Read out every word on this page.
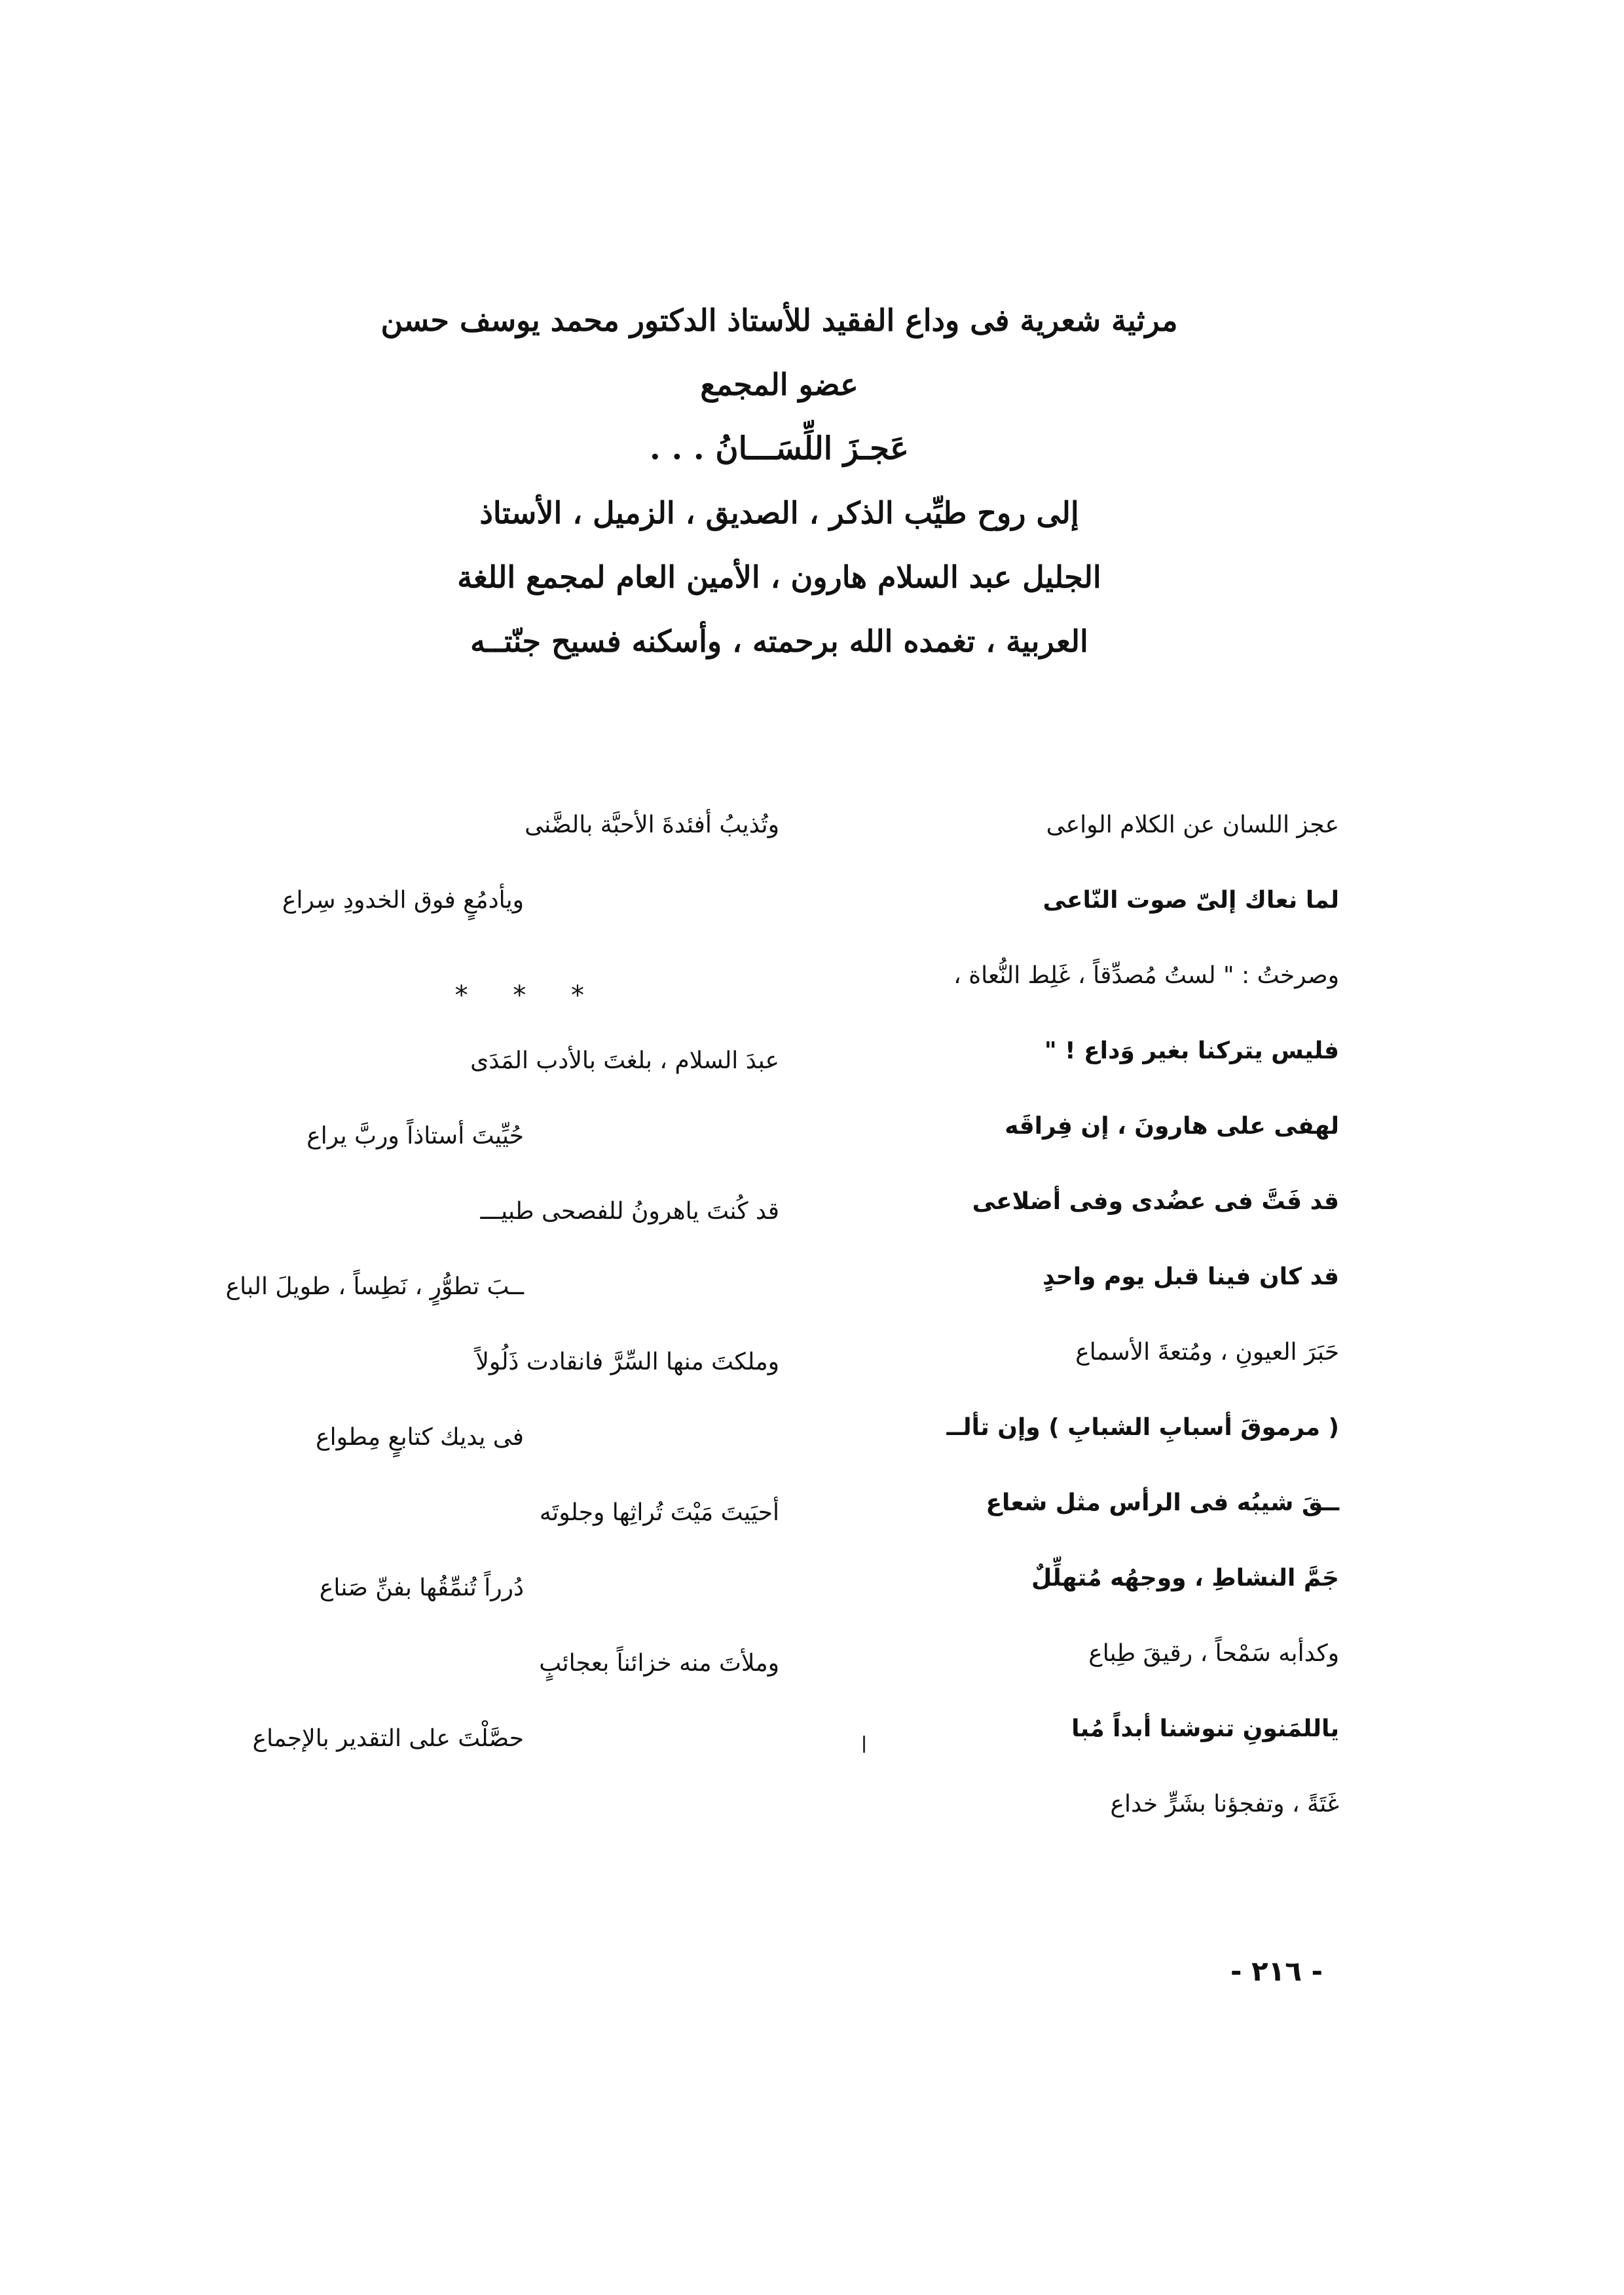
مرثية شعرية فى وداع الفقيد للأستاذ الدكتور محمد يوسف حسن
عضو المجمع
عَجـزَ اللِّسَـــانُ . . .
إلى روح طيِّب الذكر ، الصديق ، الزميل ، الأستاذ
الجليل عبد السلام هارون ، الأمين العام لمجمع اللغة
العربية ، تغمده الله برحمته ، وأسكنه فسيح جنّتــه
عجز اللسان عن الكلام الواعى
لما نعاك إلىّ صوت النّاعى
وصرختُ : " لستُ مُصدِّقاً ، غَلِط النُّعاة ،
فليس يتركنا بغير وَداع ! "
لهفى على هارونَ ، إن فِراقَه
قد فَتَّ فى عضُدى وفى أضلاعى
قد كان فينا قبل يوم واحدٍ
حَبَرَ العيونِ ، ومُتعةَ الأسماع
( مرموقَ أسبابِ الشبابِ ) وإن تألــ
ــقَ شيبُه فى الرأس مثل شعاع
جَمَّ النشاطِ ، ووجهُه مُتهلِّلٌ
وكدأبه سَمْحاً ، رقيقَ طِباع
ياللمَنونِ تنوشنا أبداً مُبا
غَتَةً ، وتفجؤنا بشَرٍّ خداع
وتُذيبُ أفئدةَ الأحبَّة بالضَّنى
ويأدمُعٍ فوق الخدودِ سِراع
* * *
عبدَ السلام ، بلغتَ بالأدب المَدَى
حُيِّيتَ أستاذاً وربَّ يراع
قد كُنتَ ياهرونُ للفصحى طبيـــ
ــبَ تطوُّرٍ ، نَطِساً ، طويلَ الباع
وملكتَ منها السِّرَّ فانقادت ذَلُولاً
فى يديك كتابعٍ مِطواع
أحيَيتَ مَيْتَ تُراثِها وجلوتَه
دُرراً تُنمِّقُها بفنِّ صَناع
وملأتَ منه خزائناً بعجائبٍ
حصَّلْتَ على التقدير بالإجماع
- ٢١٦ -
